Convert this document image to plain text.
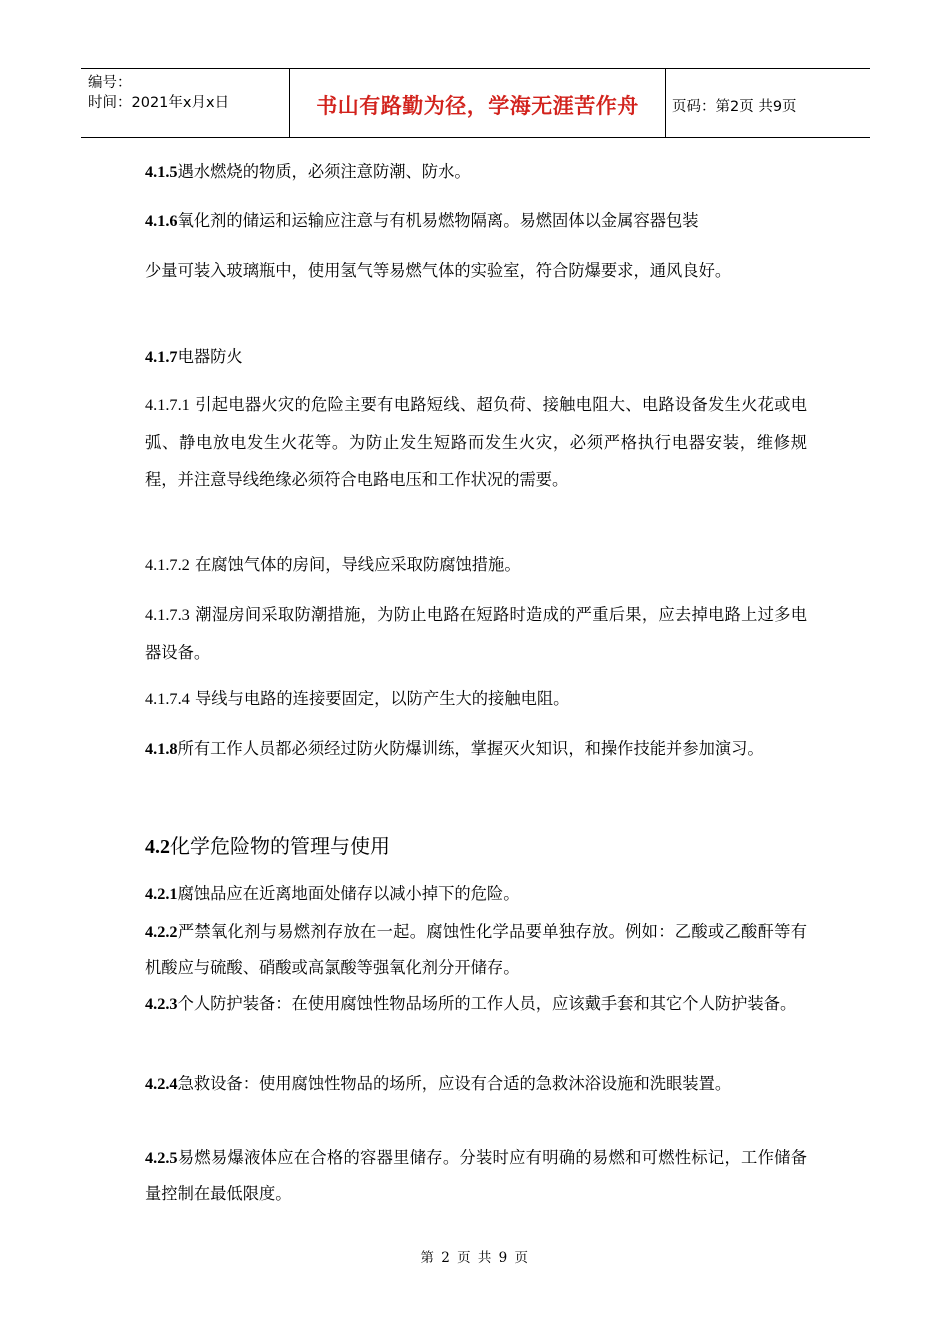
编号：
时间：2021年x月x日	书山有路勤为径，学海无涯苦作舟	页码：第2页 共9页

4.1.5遇水燃烧的物质，必须注意防潮、防水。

4.1.6氧化剂的储运和运输应注意与有机易燃物隔离。易燃固体以金属容器包装

少量可装入玻璃瓶中，使用氢气等易燃气体的实验室，符合防爆要求，通风良好。

4.1.7电器防火

4.1.7.1 引起电器火灾的危险主要有电路短线、超负荷、接触电阻大、电路设备发生火花或电弧、静电放电发生火花等。为防止发生短路而发生火灾，必须严格执行电器安装，维修规程，并注意导线绝缘必须符合电路电压和工作状况的需要。

4.1.7.2 在腐蚀气体的房间，导线应采取防腐蚀措施。

4.1.7.3 潮湿房间采取防潮措施，为防止电路在短路时造成的严重后果，应去掉电路上过多电器设备。

4.1.7.4 导线与电路的连接要固定，以防产生大的接触电阻。

4.1.8所有工作人员都必须经过防火防爆训练，掌握灭火知识，和操作技能并参加演习。

4.2化学危险物的管理与使用

4.2.1腐蚀品应在近离地面处储存以减小掉下的危险。

4.2.2严禁氧化剂与易燃剂存放在一起。腐蚀性化学品要单独存放。例如：乙酸或乙酸酐等有机酸应与硫酸、硝酸或高氯酸等强氧化剂分开储存。

4.2.3个人防护装备：在使用腐蚀性物品场所的工作人员，应该戴手套和其它个人防护装备。

4.2.4急救设备：使用腐蚀性物品的场所，应设有合适的急救沐浴设施和洗眼装置。

4.2.5易燃易爆液体应在合格的容器里储存。分装时应有明确的易燃和可燃性标记，工作储备量控制在最低限度。

第 2 页 共 9 页
